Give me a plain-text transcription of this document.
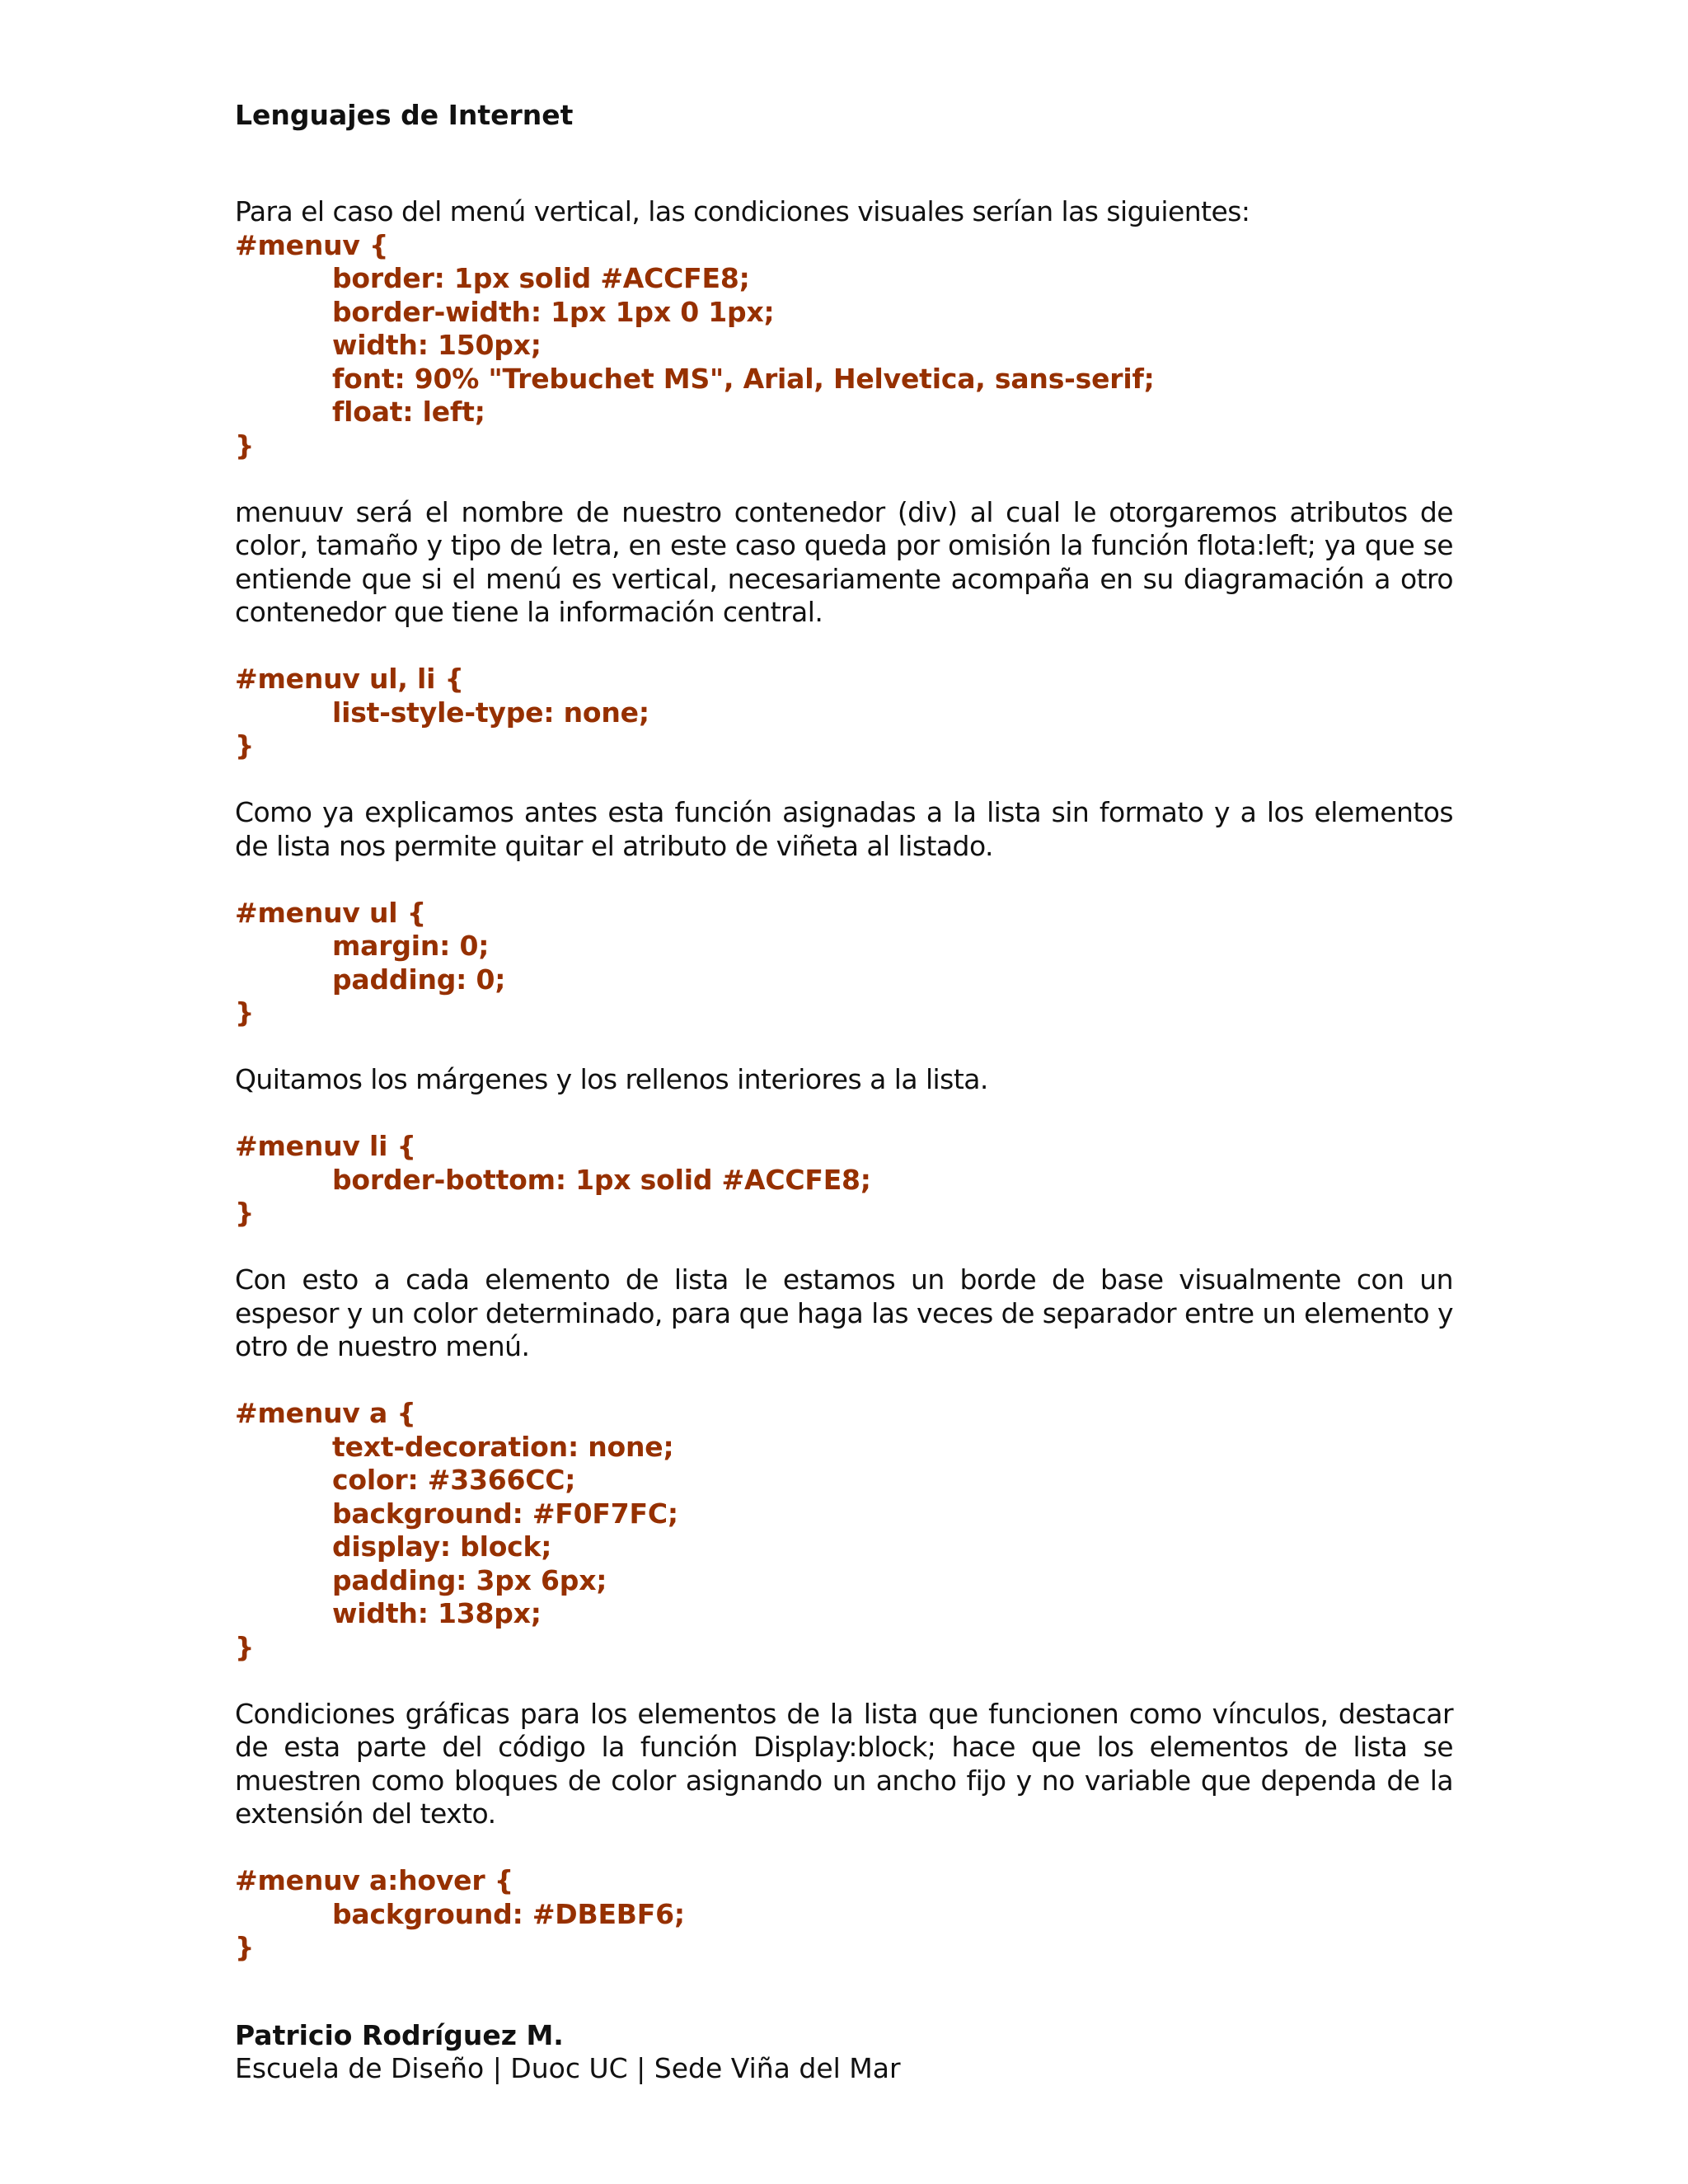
Lenguajes de Internet

Para el caso del menú vertical, las condiciones visuales serían las siguientes:

#menuv {
border: 1px solid #ACCFE8;
border-width: 1px 1px 0 1px;
width: 150px;
font: 90% "Trebuchet MS", Arial, Helvetica, sans-serif;
float: left;
}

menuuv será el nombre de nuestro contenedor (div) al cual le otorgaremos atributos de color, tamaño y tipo de letra, en este caso queda por omisión la función flota:left; ya que se entiende que si el menú es vertical, necesariamente acompaña en su diagramación a otro contenedor que tiene la información central.

#menuv ul, li {
list-style-type: none;
}

Como ya explicamos antes esta función asignadas a la lista sin formato y a los elementos de lista nos permite quitar el atributo de viñeta al listado.

#menuv ul {
margin: 0;
padding: 0;
}

Quitamos los márgenes y los rellenos interiores a la lista.

#menuv li {
border-bottom: 1px solid #ACCFE8;
}

Con esto a cada elemento de lista le estamos un borde de base visualmente con un espesor y un color determinado, para que haga las veces de separador entre un elemento y otro de nuestro menú.

#menuv a {
text-decoration: none;
color: #3366CC;
background: #F0F7FC;
display: block;
padding: 3px 6px;
width: 138px;
}

Condiciones gráficas para los elementos de la lista que funcionen como vínculos, destacar de esta parte del código la función Display:block; hace que los elementos de lista se muestren como bloques de color asignando un ancho fijo y no variable que dependa de la extensión del texto.

#menuv a:hover {
background: #DBEBF6;
}
Patricio Rodríguez M.
Escuela de Diseño | Duoc UC | Sede Viña del Mar
